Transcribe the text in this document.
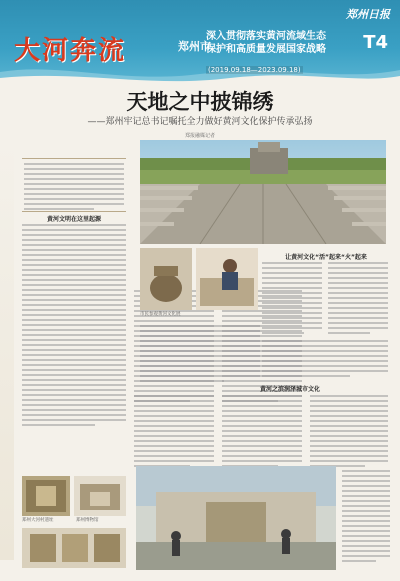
大河奔流	郑州市
深入贯彻落实黄河流域生态
保护和高质量发展国家战略
(2019.09.18—2023.09.18)
郑州日报
T4
天地之中披锦绣
——郑州牢记总书记嘱托全力做好黄河文化保护传承弘扬
郑报融媒记者
黄河文明在这里起源
市民参观黄河文化展
让黄河文化“活”起来“火”起来
黄河之滨润泽城市文化
郑州大河村遗址	郑州博物馆
